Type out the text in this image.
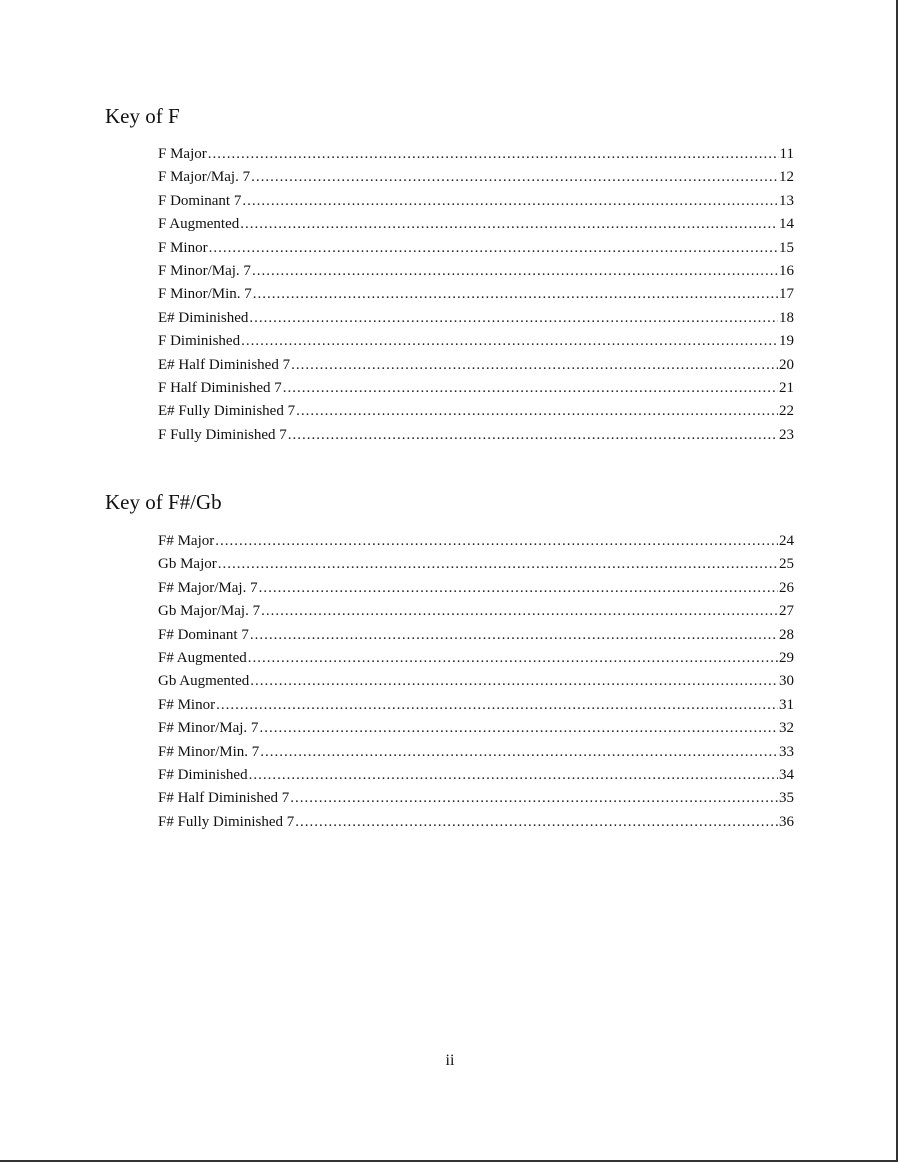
Key of F
F Major .....	11
F Major/Maj. 7 .....	12
F Dominant 7 .....	13
F Augmented .....	14
F Minor .....	15
F Minor/Maj. 7 .....	16
F Minor/Min. 7 .....	17
E# Diminished .....	18
F Diminished .....	19
E# Half Diminished 7 .....	20
F Half Diminished 7 .....	21
E# Fully Diminished 7 .....	22
F Fully Diminished 7 .....	23
Key of F#/Gb
F# Major .....	24
Gb Major .....	25
F# Major/Maj. 7 .....	26
Gb Major/Maj. 7 .....	27
F# Dominant 7 .....	28
F# Augmented .....	29
Gb Augmented .....	30
F# Minor .....	31
F# Minor/Maj. 7 .....	32
F# Minor/Min. 7 .....	33
F# Diminished .....	34
F# Half Diminished 7 .....	35
F# Fully Diminished 7 .....	36
ii
